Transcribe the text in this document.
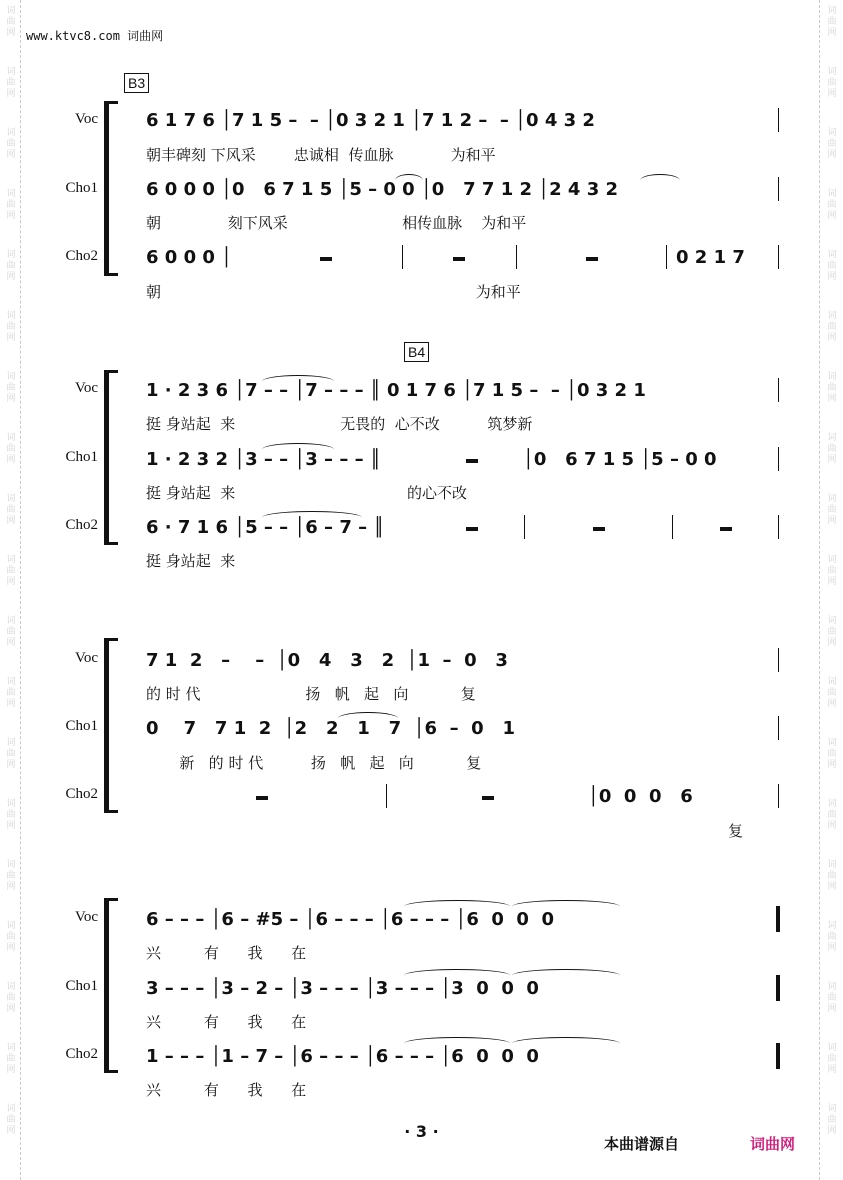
词
曲
网
词
曲
网
词
曲
网
词
曲
网
词
曲
网
词
曲
网
词
曲
网
词
曲
网
词
曲
网
词
曲
网
词
曲
网
词
曲
网
词
曲
网
词
曲
网
词
曲
网
词
曲
网
词
曲
网
词
曲
网
词
曲
网
词
曲
网
词
曲
网
词
曲
网
词
曲
网
词
曲
网
词
曲
网
词
曲
网
词
曲
网
词
曲
网
词
曲
网
词
曲
网
词
曲
网
词
曲
网
词
曲
网
词
曲
网
词
曲
网
词
曲
网
词
曲
网
词
曲
网
www.ktvc8.com 词曲网
B3
B4
Voc
Cho1
Cho2
6 1 7 6 │7 1 5 –  – │0 3 2 1 │7 1 2 –  – │0 4 3 2
朝丰碑刻 下风采        忠诚相  传血脉            为和平
6 0 0 0 │0   6 7 1 5 │5 – 0 0 │0   7 7 1 2 │2 4 3 2
朝              刻下风采                        相传血脉    为和平
6 0 0 0 │	0 2 1 7
朝                                                                  为和平
Voc
Cho1
Cho2
1 · 2 3 6 │7 – – │7 – – – ║ 0 1 7 6 │7 1 5 –  – │0 3 2 1
挺 身站起  来                      无畏的  心不改          筑梦新
1 · 2 3 2 │3 – – │3 – – – ║	│0   6 7 1 5 │5 – 0 0
挺 身站起  来                                    的心不改
6 · 7 1 6 │5 – – │6 – 7 – ║
挺 身站起  来
Voc
Cho1
Cho2
7 1  2   –    –  │0   4   3   2  │1  –  0   3
的 时 代                      扬   帆   起   向           复
0    7   7 1  2  │2   2   1   7  │6  –  0   1
新   的 时 代          扬   帆   起   向           复
│0  0  0   6
复
Voc
Cho1
Cho2
6 – – – │6 – #5 – │6 – – – │6 – – – │6  0  0  0
兴         有      我      在
3 – – – │3 – 2 – │3 – – – │3 – – – │3  0  0  0
兴         有      我      在
1 – – – │1 – 7 – │6 – – – │6 – – – │6  0  0  0
兴         有      我      在
· 3 ·
本曲谱源自	词曲网
